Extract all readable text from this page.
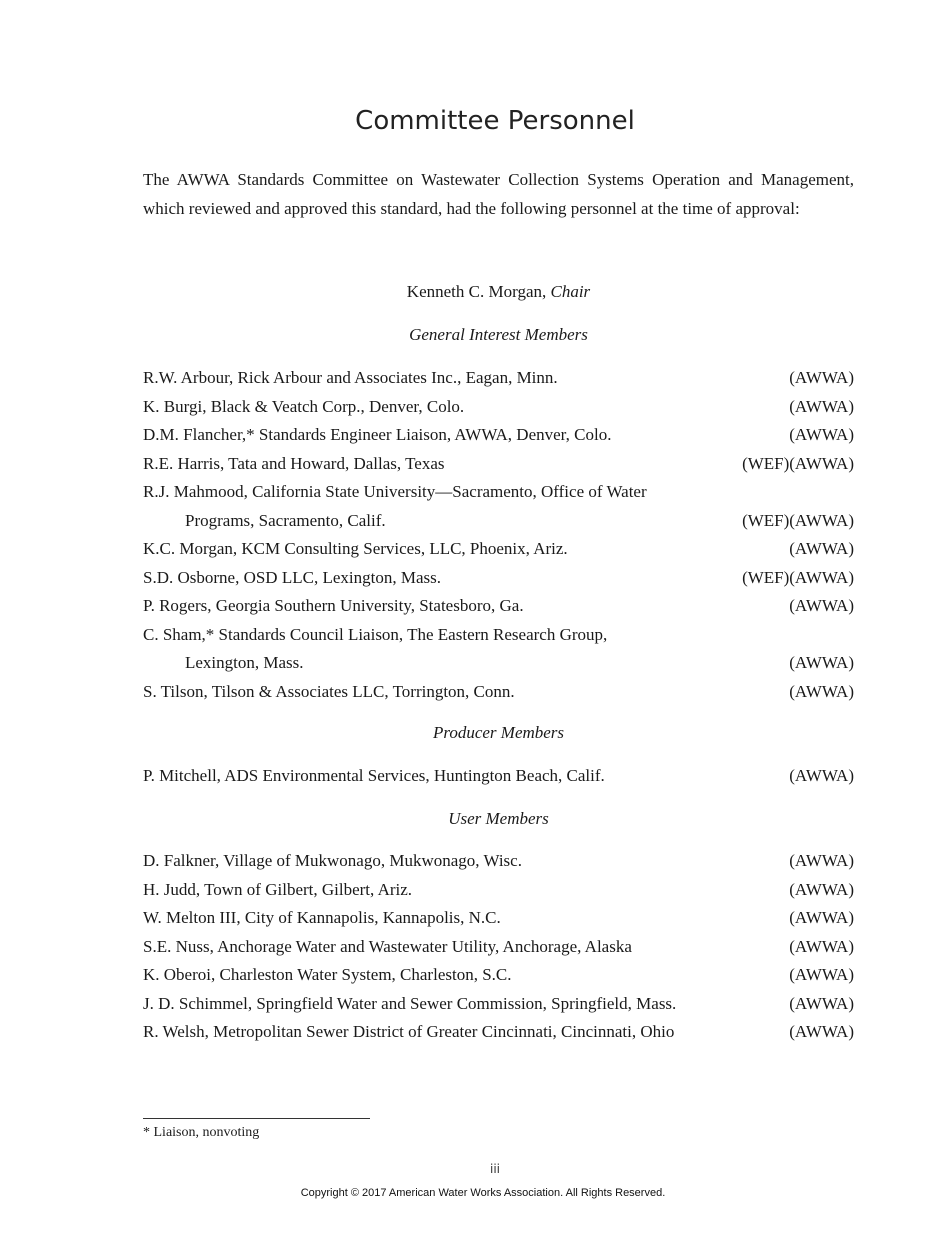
Committee Personnel

The AWWA Standards Committee on Wastewater Collection Systems Operation and Management, which reviewed and approved this standard, had the following personnel at the time of approval:

Kenneth C. Morgan, Chair
General Interest Members
R.W. Arbour, Rick Arbour and Associates Inc., Eagan, Minn.	(AWWA)
K. Burgi, Black & Veatch Corp., Denver, Colo.	(AWWA)
D.M. Flancher,* Standards Engineer Liaison, AWWA, Denver, Colo.	(AWWA)
R.E. Harris, Tata and Howard, Dallas, Texas	(WEF)(AWWA)
R.J. Mahmood, California State University—Sacramento, Office of Water
Programs, Sacramento, Calif.	(WEF)(AWWA)
K.C. Morgan, KCM Consulting Services, LLC, Phoenix, Ariz.	(AWWA)
S.D. Osborne, OSD LLC, Lexington, Mass.	(WEF)(AWWA)
P. Rogers, Georgia Southern University, Statesboro, Ga.	(AWWA)
C. Sham,* Standards Council Liaison, The Eastern Research Group,
Lexington, Mass.	(AWWA)
S. Tilson, Tilson & Associates LLC, Torrington, Conn.	(AWWA)
Producer Members
P. Mitchell, ADS Environmental Services, Huntington Beach, Calif.	(AWWA)
User Members
D. Falkner, Village of Mukwonago, Mukwonago, Wisc.	(AWWA)
H. Judd, Town of Gilbert, Gilbert, Ariz.	(AWWA)
W. Melton III, City of Kannapolis, Kannapolis, N.C.	(AWWA)
S.E. Nuss, Anchorage Water and Wastewater Utility, Anchorage, Alaska	(AWWA)
K. Oberoi, Charleston Water System, Charleston, S.C.	(AWWA)
J. D. Schimmel, Springfield Water and Sewer Commission, Springfield, Mass.	(AWWA)
R. Welsh, Metropolitan Sewer District of Greater Cincinnati, Cincinnati, Ohio	(AWWA)
* Liaison, nonvoting
iii
Copyright © 2017 American Water Works Association. All Rights Reserved.
